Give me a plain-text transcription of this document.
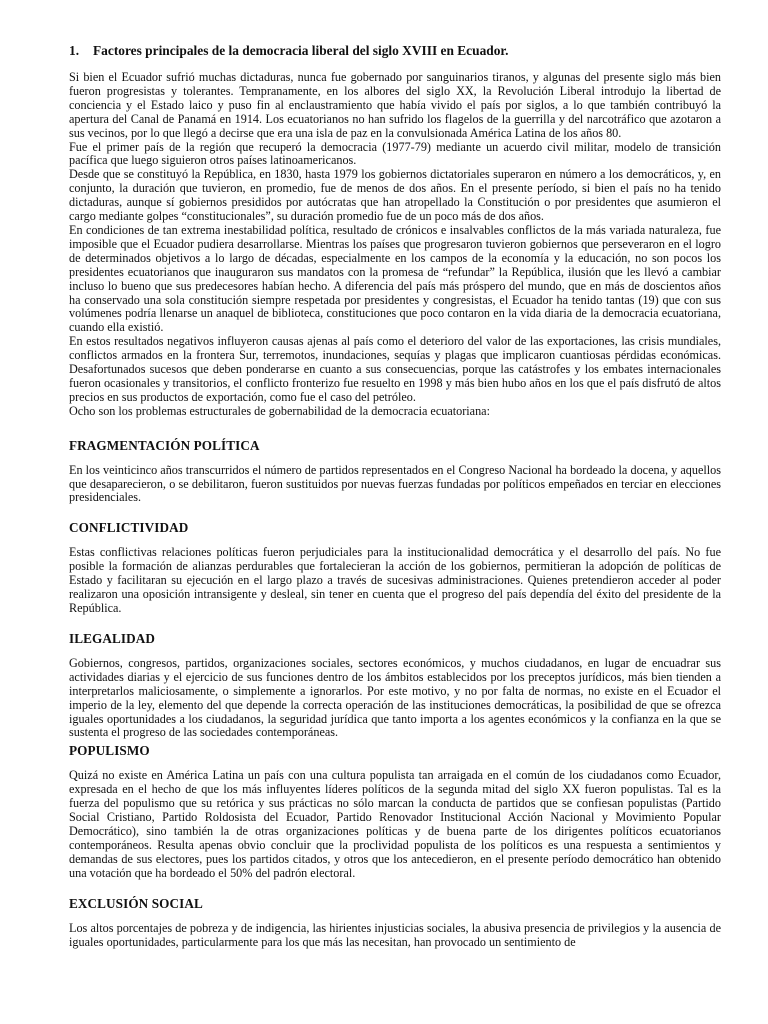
1. Factores principales de la democracia liberal del siglo XVIII en Ecuador.

Si bien el Ecuador sufrió muchas dictaduras, nunca fue gobernado por sanguinarios tiranos, y algunas del presente siglo más bien fueron progresistas y tolerantes. Tempranamente, en los albores del siglo XX, la Revolución Liberal introdujo la libertad de conciencia y el Estado laico y puso fin al enclaustramiento que había vivido el país por siglos, a lo que también contribuyó la apertura del Canal de Panamá en 1914. Los ecuatorianos no han sufrido los flagelos de la guerrilla y del narcotráfico que azotaron a sus vecinos, por lo que llegó a decirse que era una isla de paz en la convulsionada América Latina de los años 80.

Fue el primer país de la región que recuperó la democracia (1977-79) mediante un acuerdo civil militar, modelo de transición pacífica que luego siguieron otros países latinoamericanos.

Desde que se constituyó la República, en 1830, hasta 1979 los gobiernos dictatoriales superaron en número a los democráticos, y, en conjunto, la duración que tuvieron, en promedio, fue de menos de dos años. En el presente período, si bien el país no ha tenido dictaduras, aunque sí gobiernos presididos por autócratas que han atropellado la Constitución o por presidentes que asumieron el cargo mediante golpes “constitucionales”, su duración promedio fue de un poco más de dos años.

En condiciones de tan extrema inestabilidad política, resultado de crónicos e insalvables conflictos de la más variada naturaleza, fue imposible que el Ecuador pudiera desarrollarse. Mientras los países que progresaron tuvieron gobiernos que perseveraron en el logro de determinados objetivos a lo largo de décadas, especialmente en los campos de la economía y la educación, no son pocos los presidentes ecuatorianos que inauguraron sus mandatos con la promesa de “refundar” la República, ilusión que les llevó a cambiar incluso lo bueno que sus predecesores habían hecho. A diferencia del país más próspero del mundo, que en más de doscientos años ha conservado una sola constitución siempre respetada por presidentes y congresistas, el Ecuador ha tenido tantas (19) que con sus volúmenes podría llenarse un anaquel de biblioteca, constituciones que poco contaron en la vida diaria de la democracia ecuatoriana, cuando ella existió.

En estos resultados negativos influyeron causas ajenas al país como el deterioro del valor de las exportaciones, las crisis mundiales, conflictos armados en la frontera Sur, terremotos, inundaciones, sequías y plagas que implicaron cuantiosas pérdidas económicas. Desafortunados sucesos que deben ponderarse en cuanto a sus consecuencias, porque las catástrofes y los embates internacionales fueron ocasionales y transitorios, el conflicto fronterizo fue resuelto en 1998 y más bien hubo años en los que el país disfrutó de altos precios en sus productos de exportación, como fue el caso del petróleo.

Ocho son los problemas estructurales de gobernabilidad de la democracia ecuatoriana:

FRAGMENTACIÓN POLÍTICA

En los veinticinco años transcurridos el número de partidos representados en el Congreso Nacional ha bordeado la docena, y aquellos que desaparecieron, o se debilitaron, fueron sustituidos por nuevas fuerzas fundadas por políticos empeñados en terciar en elecciones presidenciales.

CONFLICTIVIDAD

Estas conflictivas relaciones políticas fueron perjudiciales para la institucionalidad democrática y el desarrollo del país. No fue posible la formación de alianzas perdurables que fortalecieran la acción de los gobiernos, permitieran la adopción de políticas de Estado y facilitaran su ejecución en el largo plazo a través de sucesivas administraciones. Quienes pretendieron acceder al poder realizaron una oposición intransigente y desleal, sin tener en cuenta que el progreso del país dependía del éxito del presidente de la República.

ILEGALIDAD

Gobiernos, congresos, partidos, organizaciones sociales, sectores económicos, y muchos ciudadanos, en lugar de encuadrar sus actividades diarias y el ejercicio de sus funciones dentro de los ámbitos establecidos por los preceptos jurídicos, más bien tienden a interpretarlos maliciosamente, o simplemente a ignorarlos. Por este motivo, y no por falta de normas, no existe en el Ecuador el imperio de la ley, elemento del que depende la correcta operación de las instituciones democráticas, la posibilidad de que se ofrezca iguales oportunidades a los ciudadanos, la seguridad jurídica que tanto importa a los agentes económicos y la confianza en la que se sustenta el progreso de las sociedades contemporáneas.

POPULISMO

Quizá no existe en América Latina un país con una cultura populista tan arraigada en el común de los ciudadanos como Ecuador, expresada en el hecho de que los más influyentes líderes políticos de la segunda mitad del siglo XX fueron populistas. Tal es la fuerza del populismo que su retórica y sus prácticas no sólo marcan la conducta de partidos que se confiesan populistas (Partido Social Cristiano, Partido Roldosista del Ecuador, Partido Renovador Institucional Acción Nacional y Movimiento Popular Democrático), sino también la de otras organizaciones políticas y de buena parte de los dirigentes políticos ecuatorianos contemporáneos. Resulta apenas obvio concluir que la proclividad populista de los políticos es una respuesta a sentimientos y demandas de sus electores, pues los partidos citados, y otros que los antecedieron, en el presente período democrático han obtenido una votación que ha bordeado el 50% del padrón electoral.

EXCLUSIÓN SOCIAL

Los altos porcentajes de pobreza y de indigencia, las hirientes injusticias sociales, la abusiva presencia de privilegios y la ausencia de iguales oportunidades, particularmente para los que más las necesitan, han provocado un sentimiento de
